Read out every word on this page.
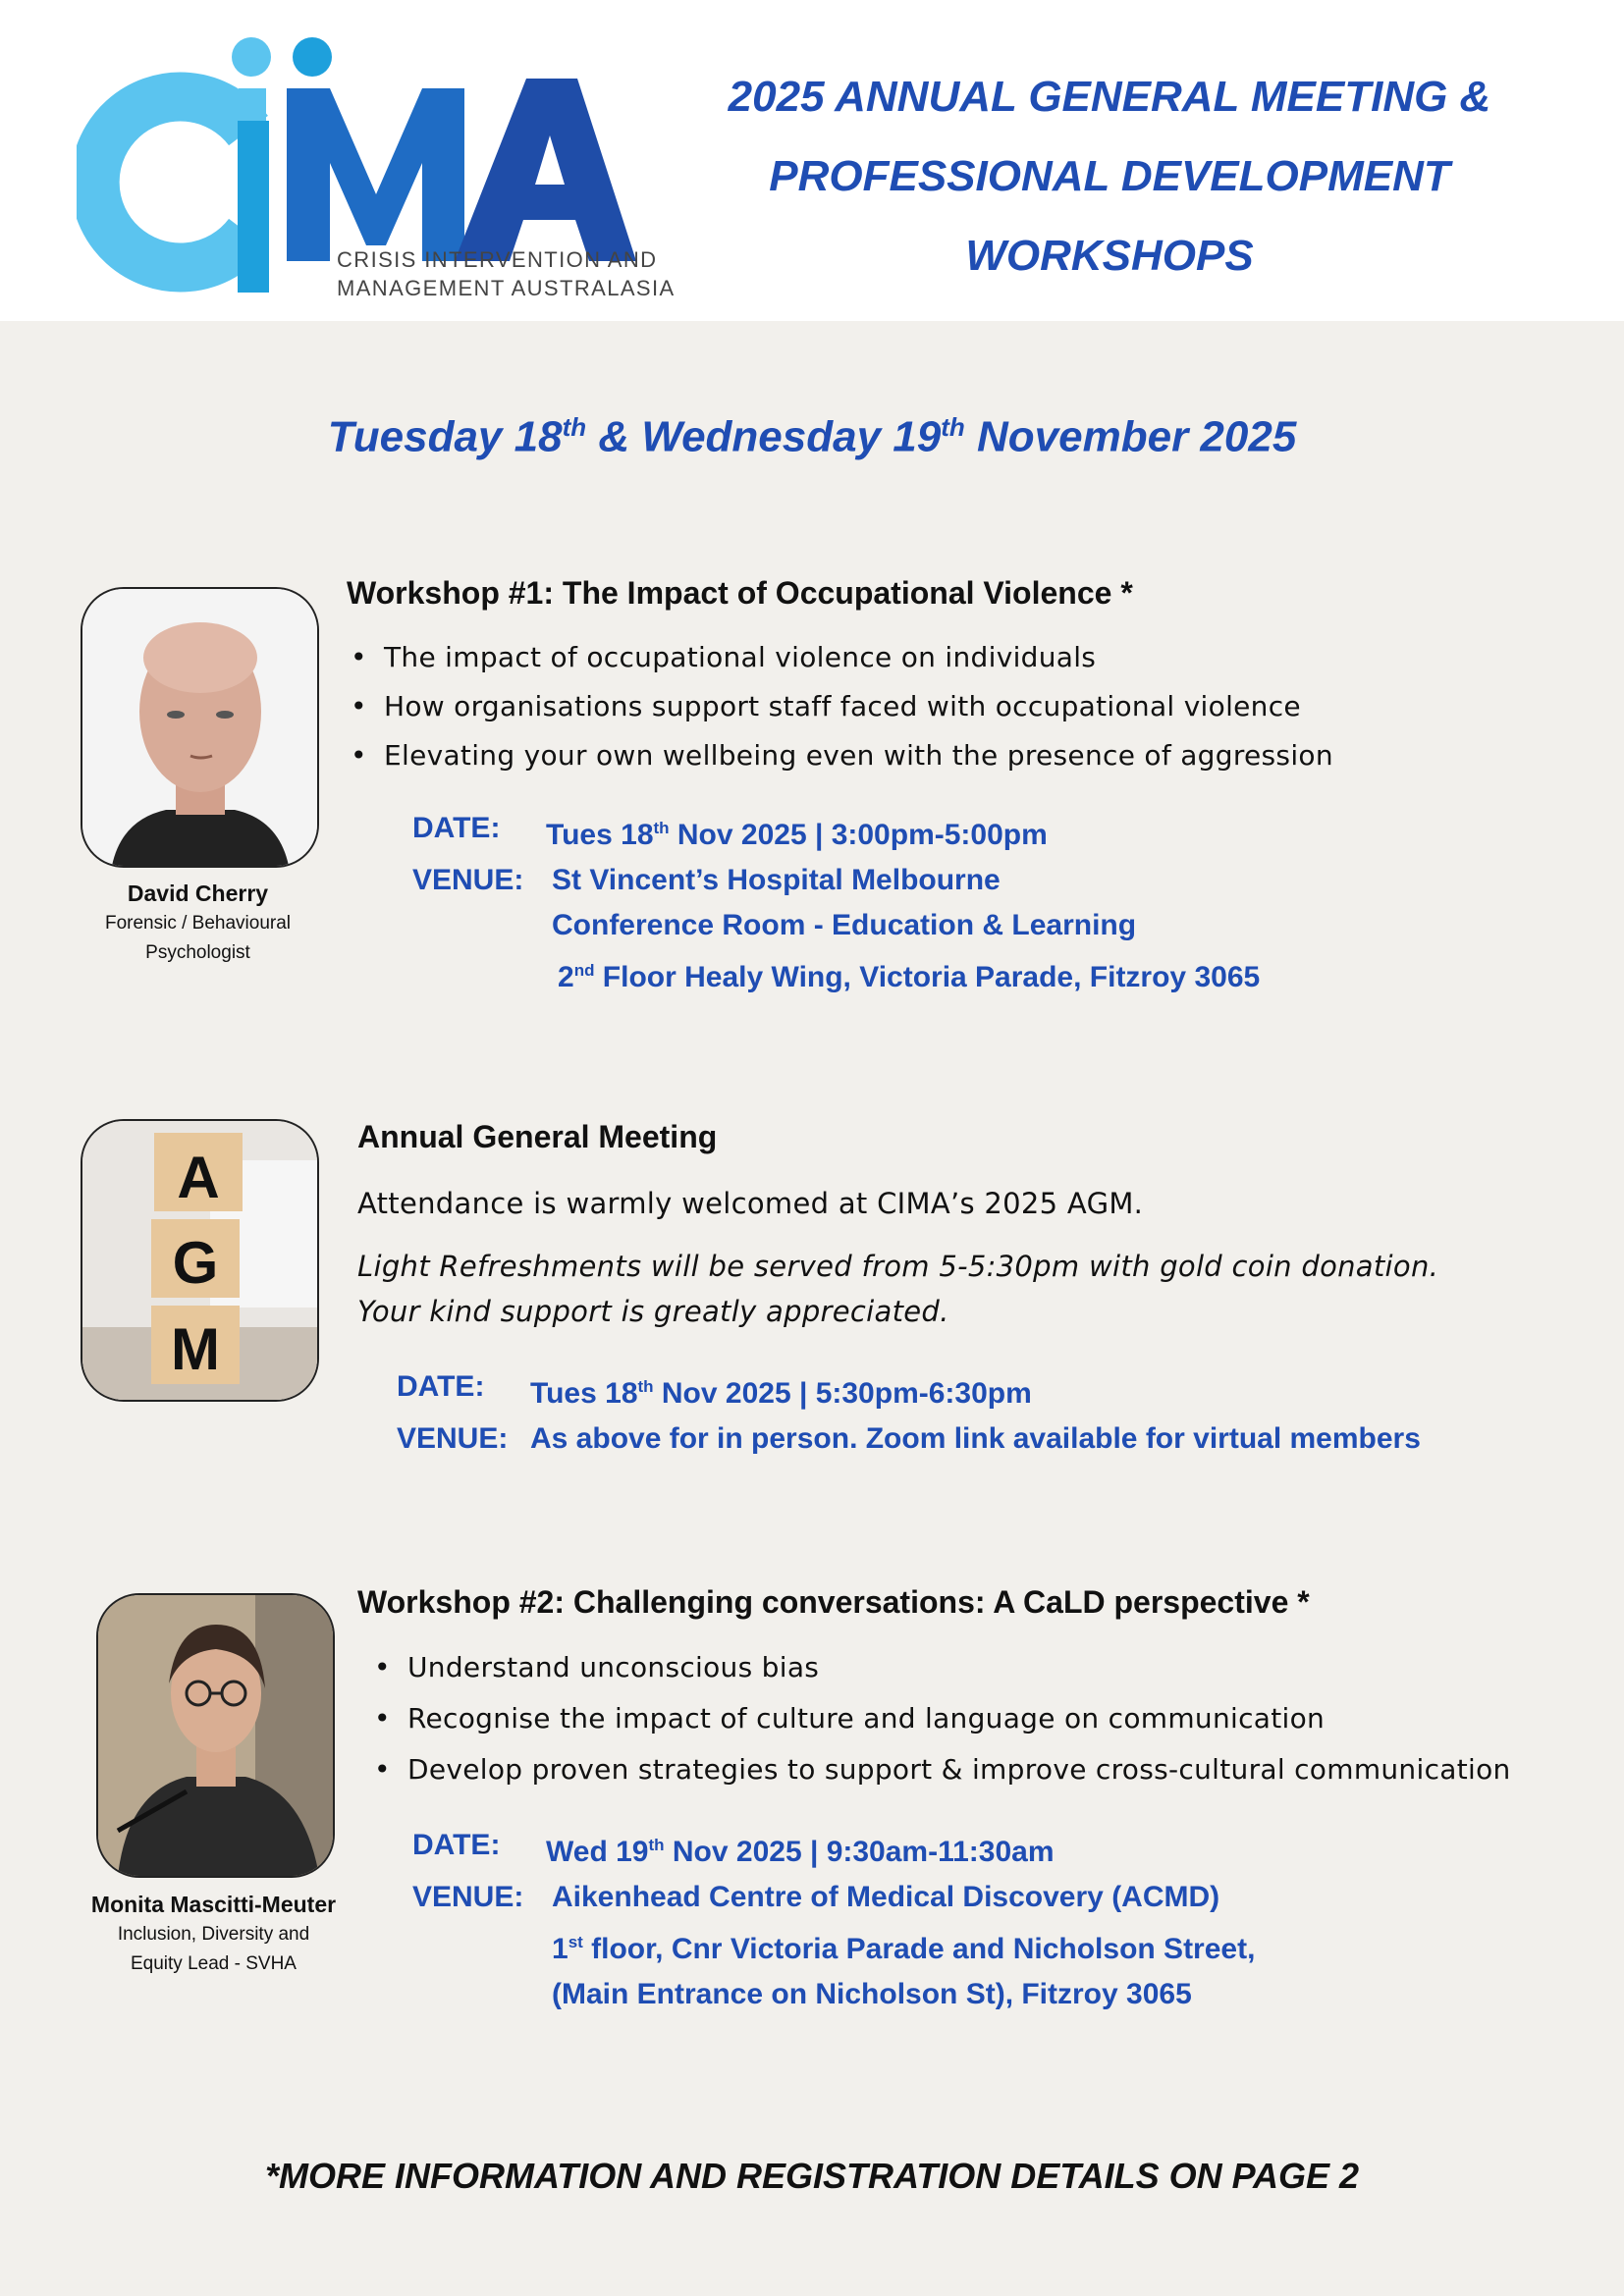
CRISIS INTERVENTION AND
MANAGEMENT AUSTRALASIA
2025 ANNUAL GENERAL MEETING &
PROFESSIONAL DEVELOPMENT
WORKSHOPS
Tuesday 18th & Wednesday 19th November 2025
David Cherry
Forensic / Behavioural
Psychologist
Workshop #1: The Impact of Occupational Violence *
• The impact of occupational violence on individuals
• How organisations support staff faced with occupational violence
• Elevating your own wellbeing even with the presence of aggression
DATE:	Tues 18th Nov 2025 | 3:00pm-5:00pm
VENUE: St Vincent’s Hospital Melbourne
Conference Room - Education & Learning
2nd Floor Healy Wing, Victoria Parade, Fitzroy 3065
A
G
M
Annual General Meeting
Attendance is warmly welcomed at CIMA’s 2025 AGM.
Light Refreshments will be served from 5-5:30pm with gold coin donation.
Your kind support is greatly appreciated.
DATE:	Tues 18th Nov 2025 | 5:30pm-6:30pm
VENUE: As above for in person. Zoom link available for virtual members
Monita Mascitti-Meuter
Inclusion, Diversity and
Equity Lead - SVHA
Workshop #2: Challenging conversations: A CaLD perspective *
• Understand unconscious bias
• Recognise the impact of culture and language on communication
• Develop proven strategies to support & improve cross-cultural communication
DATE:	Wed 19th Nov 2025 | 9:30am-11:30am
VENUE: Aikenhead Centre of Medical Discovery (ACMD)
1st floor, Cnr Victoria Parade and Nicholson Street,
(Main Entrance on Nicholson St), Fitzroy 3065
*MORE INFORMATION AND REGISTRATION DETAILS ON PAGE 2
